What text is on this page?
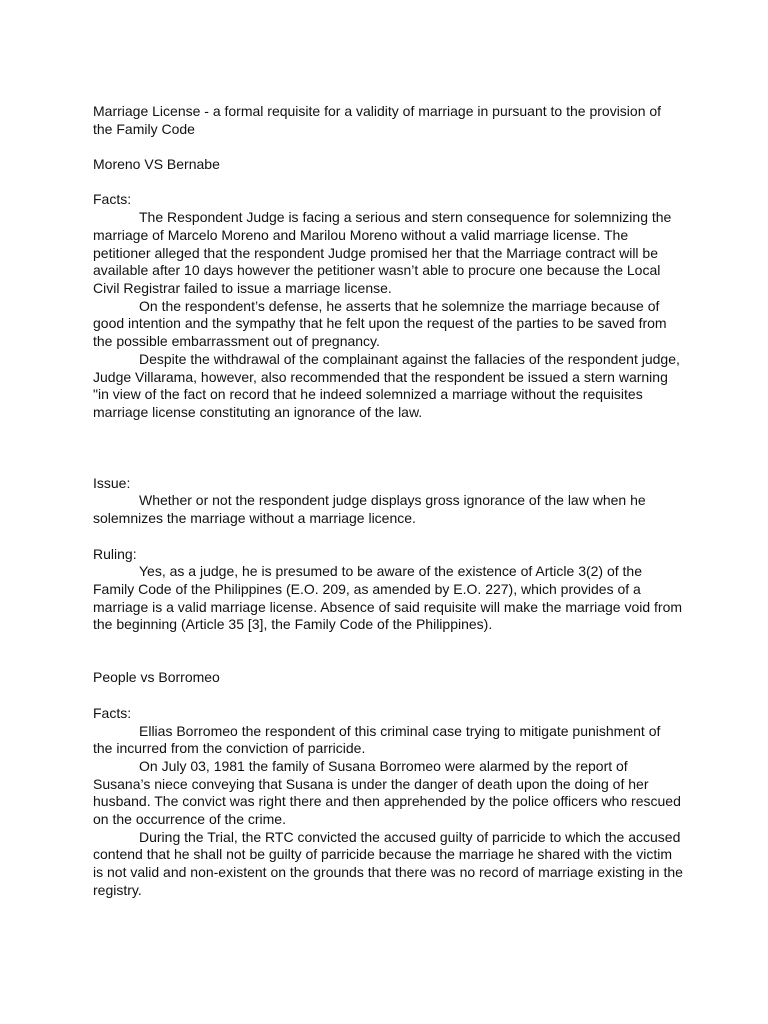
Marriage License - a formal requisite for a validity of marriage in pursuant to the provision of

the Family Code

Moreno VS Bernabe

Facts:

The Respondent Judge is facing a serious and stern consequence for solemnizing the marriage of Marcelo Moreno and Marilou Moreno without a valid marriage license. The petitioner alleged that the respondent Judge promised her that the Marriage contract will be available after 10 days however the petitioner wasn’t able to procure one because the Local Civil Registrar failed to issue a marriage license.

On the respondent’s defense, he asserts that he solemnize the marriage because of good intention and the sympathy that he felt upon the request of the parties to be saved from the possible embarrassment out of pregnancy.

Despite the withdrawal of the complainant against the fallacies of the respondent judge, Judge Villarama, however, also recommended that the respondent be issued a stern warning "in view of the fact on record that he indeed solemnized a marriage without the requisites marriage license constituting an ignorance of the law.

Issue:

Whether or not the respondent judge displays gross ignorance of the law when he solemnizes the marriage without a marriage licence.

Ruling:

Yes, as a judge, he is presumed to be aware of the existence of Article 3(2) of the Family Code of the Philippines (E.O. 209, as amended by E.O. 227), which provides of a marriage is a valid marriage license. Absence of said requisite will make the marriage void from the beginning (Article 35 [3], the Family Code of the Philippines).

People vs Borromeo

Facts:

Ellias Borromeo the respondent of this criminal case trying to mitigate punishment of the incurred from the conviction of parricide.

On July 03, 1981 the family of Susana Borromeo were alarmed by the report of Susana’s niece conveying that Susana is under the danger of death upon the doing of her husband. The convict was right there and then apprehended by the police officers who rescued on the occurrence of the crime.

During the Trial, the RTC convicted the accused guilty of parricide to which the accused contend that he shall not be guilty of parricide because the marriage he shared with the victim is not valid and non-existent on the grounds that there was no record of marriage existing in the registry.
